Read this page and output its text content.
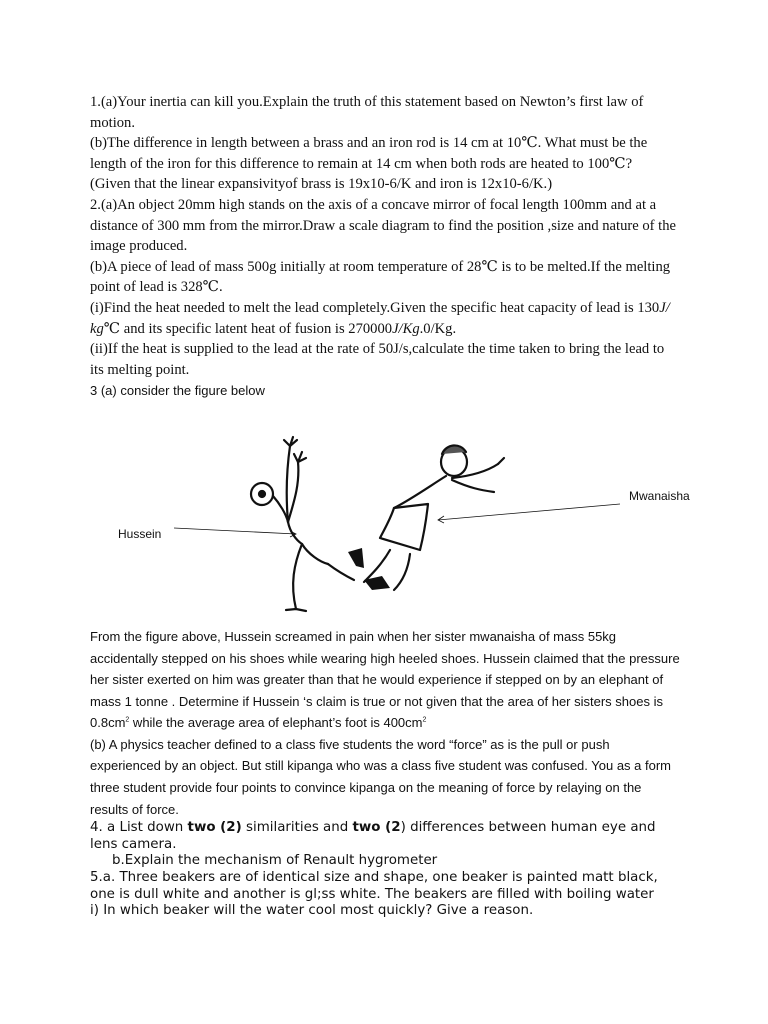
1.(a)Your inertia can kill you.Explain the truth of this statement based on Newton’s first law of motion.

(b)The difference in length between a brass and an iron rod is 14 cm at 10℃. What must be the length of the iron for this difference to remain at 14 cm when both rods are heated to 100℃?

(Given that the linear expansivityof brass is 19x10-6/K and iron is 12x10-6/K.)

2.(a)An object 20mm high stands on the axis of a concave mirror of focal length 100mm and at a distance of 300 mm from the mirror.Draw a scale diagram to find the position ,size and nature of the image produced.

(b)A piece of lead of mass 500g initially at room temperature of 28℃ is to be melted.If the melting point of lead is 328℃.

(i)Find the heat needed to melt the lead completely.Given the specific heat capacity of lead is 130J/ kg℃ and its specific latent heat of fusion is 270000J/Kg.0/Kg.

(ii)If the heat is supplied to the lead at the rate of 50J/s,calculate the time taken to bring the lead to its melting point.

3 (a) consider the figure below

Hussein
Mwanaisha

From the figure above, Hussein screamed in pain when her sister mwanaisha of mass 55kg accidentally stepped on his shoes while wearing high heeled shoes. Hussein claimed that the pressure her sister exerted on him was greater than that he would experience if stepped on by an elephant of mass 1 tonne . Determine if Hussein ‘s claim is true or not given that the area of her sisters shoes is $0.8cm^2$ while the average area of elephant’s foot is $400cm^2$

(b) A physics teacher defined to a class five students the word “force” as is the pull or push experienced by an object. But still kipanga who was a class five student was confused. You as a form three student provide four points to convince kipanga on the meaning of force by relaying on the results of force.

4. a List down two (2) similarities and two (2) differences between human eye and lens camera.

b.Explain the mechanism of Renault hygrometer

5.a. Three beakers are of identical size and shape, one beaker is painted matt black, one is dull white and another is gl;ss white. The beakers are filled with boiling water

i) In which beaker will the water cool most quickly? Give a reason.
